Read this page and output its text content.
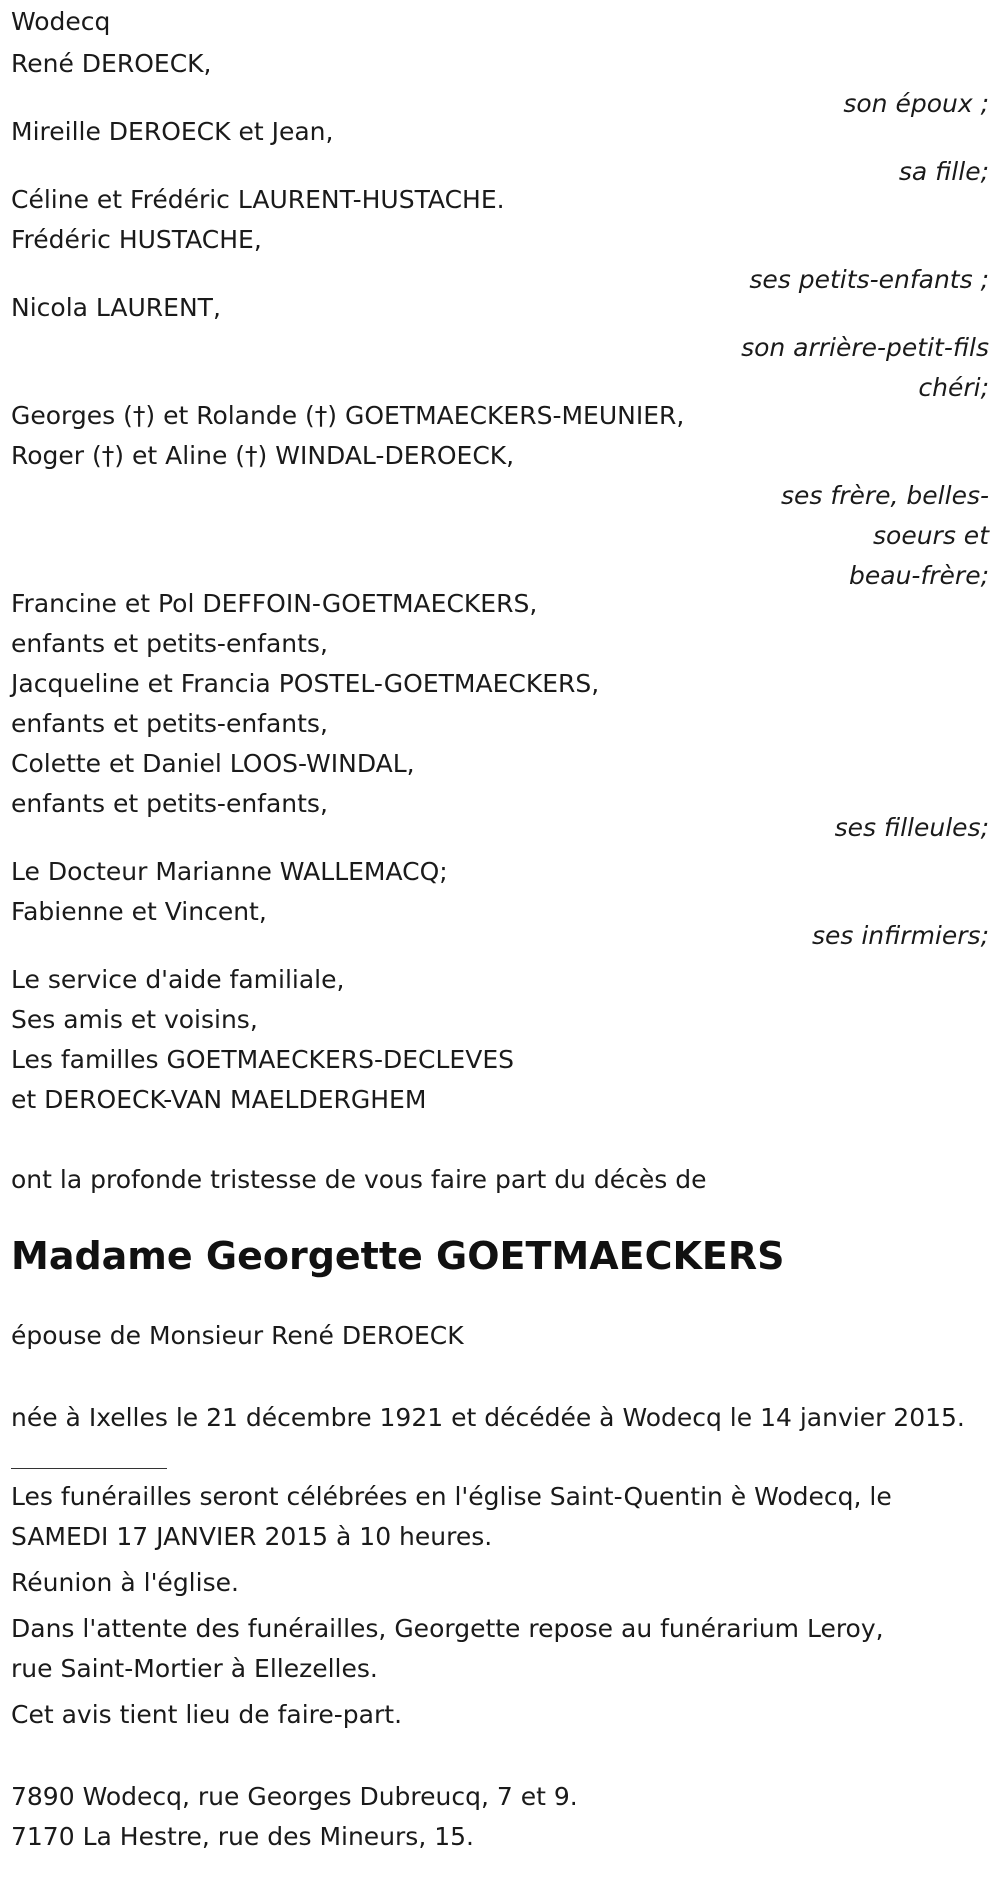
Wodecq
René DEROECK,
son époux ;
Mireille DEROECK et Jean,
sa fille;
Céline et Frédéric LAURENT-HUSTACHE.
Frédéric HUSTACHE,
ses petits-enfants ;
Nicola LAURENT,
son arrière-petit-fils
chéri;
Georges (†) et Rolande (†) GOETMAECKERS-MEUNIER,
Roger (†) et Aline (†) WINDAL-DEROECK,
ses frère, belles-
soeurs et
beau-frère;
Francine et Pol DEFFOIN-GOETMAECKERS,
enfants et petits-enfants,
Jacqueline et Francia POSTEL-GOETMAECKERS,
enfants et petits-enfants,
Colette et Daniel LOOS-WINDAL,
enfants et petits-enfants,
ses filleules;
Le Docteur Marianne WALLEMACQ;
Fabienne et Vincent,
ses infirmiers;
Le service d'aide familiale,
Ses amis et voisins,
Les familles GOETMAECKERS-DECLEVES
et DEROECK-VAN MAELDERGHEM
ont la profonde tristesse de vous faire part du décès de
Madame Georgette GOETMAECKERS
épouse de Monsieur René DEROECK
née à Ixelles le 21 décembre 1921 et décédée à Wodecq le 14 janvier 2015.
Les funérailles seront célébrées en l'église Saint-Quentin è Wodecq, le
SAMEDI 17 JANVIER 2015 à 10 heures.
Réunion à l'église.
Dans l'attente des funérailles, Georgette repose au funérarium Leroy,
rue Saint-Mortier à Ellezelles.
Cet avis tient lieu de faire-part.
7890 Wodecq, rue Georges Dubreucq, 7 et 9.
7170 La Hestre, rue des Mineurs, 15.
